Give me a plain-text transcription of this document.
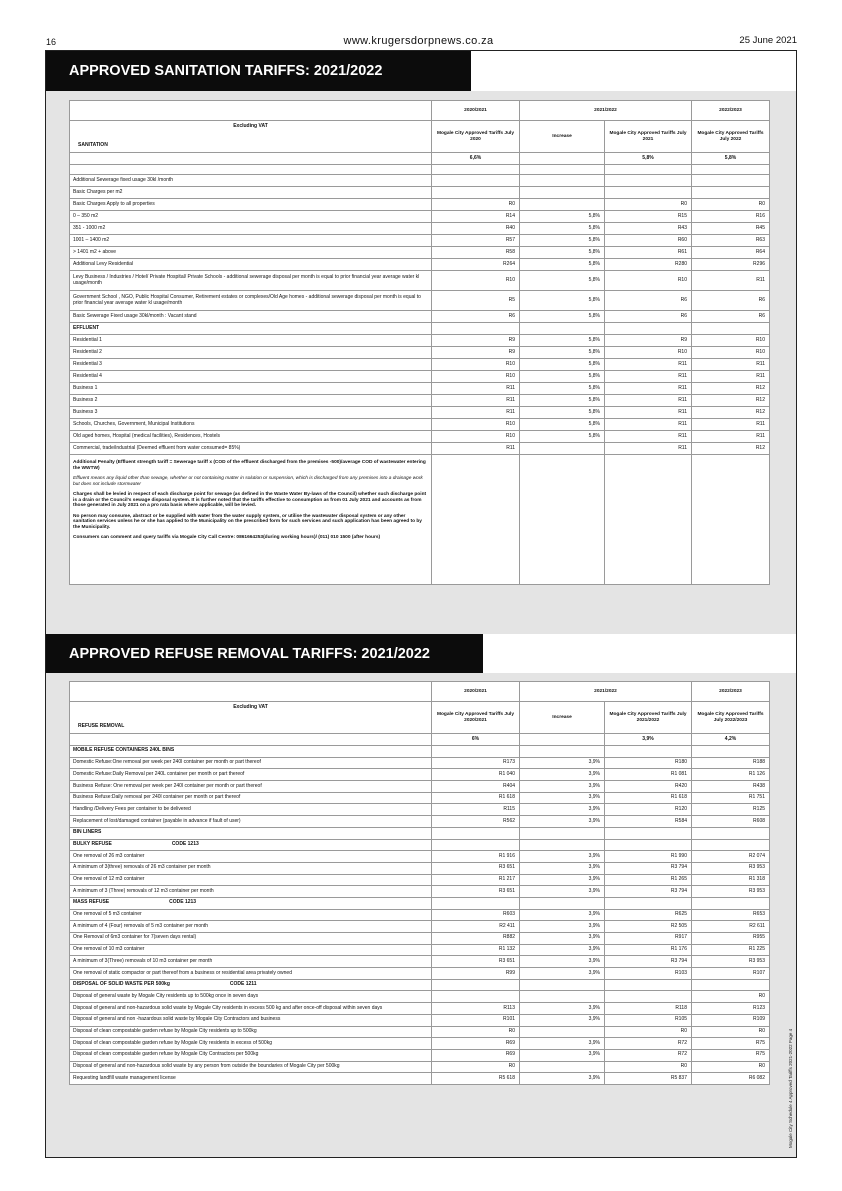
16	www.krugersdorpnews.co.za	25 June 2021
APPROVED SANITATION TARIFFS: 2021/2022
	2020/2021	2021/2022		2022/2023

Excluding VAT
SANITATION	Mogale City Approved Tariffs July 2020	Increase	Mogale City Approved Tariffs July 2021	Mogale City Approved Tariffs July 2022
	6,6%		5,8%	5,8%

Additional Sewerage fixed usage 30kl /month				
Basic Charges per m2				
Basic Charges Apply to all properties	R0		R0	R0
0 – 350 m2	R14	5,8%	R15	R16
351 - 1000 m2	R40	5,8%	R43	R45
1001 – 1400 m2	R57	5,8%	R60	R63
> 1401 m2 + above	R58	5,8%	R61	R64
Additional Levy Residential	R264	5,8%	R280	R296
Levy Business / Industries / Hotel/ Private Hospital/ Private Schools - additional sewerage disposal per month is equal to prior financial year average water kl usage/month	R10	5,8%	R10	R11
Government School , NGO, Public Hospital Consumer, Retirement estates or complexes/Old Age homes - additional sewerage disposal per month is equal to prior financial year average water kl usage/month	R5	5,8%	R6	R6
Basic Sewerage Fixed usage 30kl/month : Vacant stand	R6	5,8%	R6	R6
EFFLUENT				
Residential 1	R9	5,8%	R9	R10
Residential 2	R9	5,8%	R10	R10
Residential 3	R10	5,8%	R11	R11
Residential 4	R10	5,8%	R11	R11
Business 1	R11	5,8%	R11	R12
Business 2	R11	5,8%	R11	R12
Business 3	R11	5,8%	R11	R12
Schools, Churches, Government, Municipal Institutions	R10	5,8%	R11	R11
Old aged homes, Hospital (medical facilities), Residences, Hostels	R10	5,8%	R11	R11
Commercial, trade/industrial (Deemed effluent from water consumed= 85%)	R11		R11	R12

Additional Penalty (Effluent strength tariff = Sewerage tariff x (COD of the effluent discharged from the premises -500)/average COD of wastewater entering the WWTW)
Effluent means any liquid other than sewage, whether or not containing matter in solution or suspension, which is discharged from any premises into a drainage work but does not include stormwater
Charges shall be levied in respect of each discharge point for sewage (as defined in the Waste Water By-laws of the Council) whether such discharge point is a drain or the Council's sewage disposal system. It is further noted that the tariffs effective to consumption as from 01 July 2021 and accounts as from those generated in July 2021 on a pro rata basis where applicable, will be levied.
No person may consume, abstract or be supplied with water from the water supply system, or utilise the wastewater disposal system or any other sanitation services unless he or she has applied to the Municipality on the prescribed form for such services and such application has been agreed to by the Municipality.
Consumers can comment and query tariffs via Mogale City Call Centre: 0861664253(during working hours)/ (011) 010 1500 (after hours)				

APPROVED REFUSE REMOVAL TARIFFS: 2021/2022
	2020/2021	2021/2022		2022/2023

Excluding VAT
REFUSE REMOVAL	Mogale City Approved Tariffs July 2020/2021	Increase	Mogale City Approved Tariffs July 2021/2022	Mogale City Approved Tariffs July 2022/2023
	6%		3,9%	4,2%
MOBILE REFUSE CONTAINERS 240L BINS				
Domestic Refuse:One removal per week per 240l container per month or part thereof	R173	3,9%	R180	R188
Domestic Refuse:Daily Removal per 240L container per month or part thereof	R1 040	3,9%	R1 081	R1 126
Business Refuse: One removal per week per 240l container per month or part thereof	R404	3,9%	R420	R438
Business Refuse:Daily removal per 240l container per month or part thereof	R1 618	3,9%	R1 618	R1 751
Handling /Delivery Fees per container to be delivered	R115	3,9%	R120	R125
Replacement of lost/damaged container (payable in advance if fault of user)	R562	3,9%	R584	R608
BIN LINERS				
BULKY REFUSE CODE 1213				
One removal of 26 m3 container	R1 916	3,9%	R1 990	R2 074
A minimum of 3(three) removals of 26 m3 container per month	R3 651	3,9%	R3 794	R3 953
One removal of 12 m3 container	R1 217	3,9%	R1 265	R1 318
A minimum of 3 (Three) removals of 12 m3 container per month	R3 651	3,9%	R3 794	R3 953
MASS REFUSE CODE 1213				
One removal of 5 m3 container	R603	3,9%	R625	R653
A minimum of 4 (Four) removals of 5 m3 container per month	R2 411	3,9%	R2 505	R2 611
One Removal of 6m3 container for 7(seven days rental)	R882	3,9%	R917	R955
One removal of 10 m3 container	R1 132	3,9%	R1 176	R1 225
A minimum of 3(Three) removals of 10 m3 container per month	R3 651	3,9%	R3 794	R3 953
One removal of static compactor or part thereof from a business or residential area privately owned	R99	3,9%	R103	R107
DISPOSAL OF SOLID WASTE PER 500kg CODE 1211				
Disposal of general waste by Mogale City residents up to 500kg once in seven days				R0
Disposal of general and non-hazardous solid waste by Mogale City residents in excess 500 kg and after once-off disposal within seven days	R113	3,9%	R118	R123
Disposal of general and non -hazardous solid waste by Mogale City Contractors and business	R101	3,9%	R105	R109
Disposal of clean compostable garden refuse by Mogale City residents up to 500kg	R0		R0	R0
Disposal of clean compostable garden refuse by Mogale City residents in excess of 500kg	R69	3,9%	R72	R75
Disposal of clean compostable garden refuse by Mogale City Contractors per 500kg	R69	3,9%	R72	R75
Disposal of general and non-hazardous solid waste by any person from outside the boundaries of Mogale City per 500kg	R0		R0	R0
Requesting landfill waste management license	R5 618	3,9%	R5 837	R6 082	Mogale City Schedule 4 Approved Tariffs 2021-2022 Page 4
